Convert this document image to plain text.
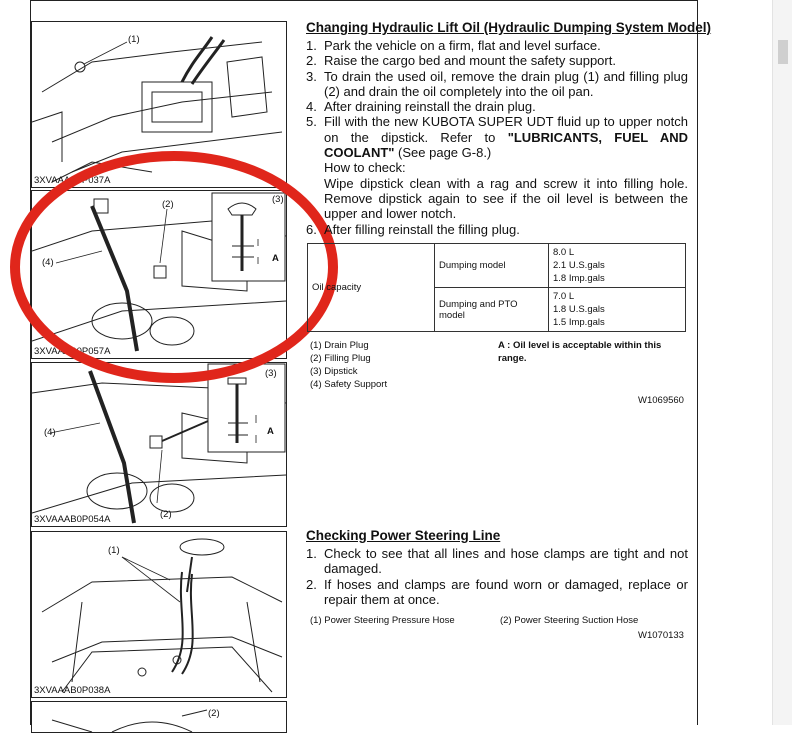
(1)
3XVAAAB0P037A
(2)	(3)
(4)	A
3XVAAAB0P057A
(3)
(4)
(2)
A
3XVAAAB0P054A
(1)
3XVAAAB0P038A
(2)
Changing Hydraulic Lift Oil (Hydraulic Dumping System Model)
1. Park the vehicle on a firm, flat and level surface.
2. Raise the cargo bed and mount the safety support.
3. To drain the used oil, remove the drain plug (1) and filling plug (2) and drain the oil completely into the oil pan.
4. After draining reinstall the drain plug.
5. Fill with the new KUBOTA SUPER UDT fluid up to upper notch on the dipstick. Refer to "LUBRICANTS, FUEL AND COOLANT" (See page G-8.)
How to check:
Wipe dipstick clean with a rag and screw it into filling hole. Remove dipstick again to see if the oil level is between the upper and lower notch.
6. After filling reinstall the filling plug.
Oil capacity	Dumping model	8.0 L
2.1 U.S.gals
1.8 Imp.gals

	Dumping and PTO model	7.0 L
1.8 U.S.gals
1.5 Imp.gals
(1) Drain Plug
(2) Filling Plug
(3) Dipstick
(4) Safety Support
A : Oil level is acceptable within this range.
W1069560
Checking Power Steering Line
1. Check to see that all lines and hose clamps are tight and not damaged.
2. If hoses and clamps are found worn or damaged, replace or repair them at once.
(1) Power Steering Pressure Hose	(2) Power Steering Suction Hose
W1070133
